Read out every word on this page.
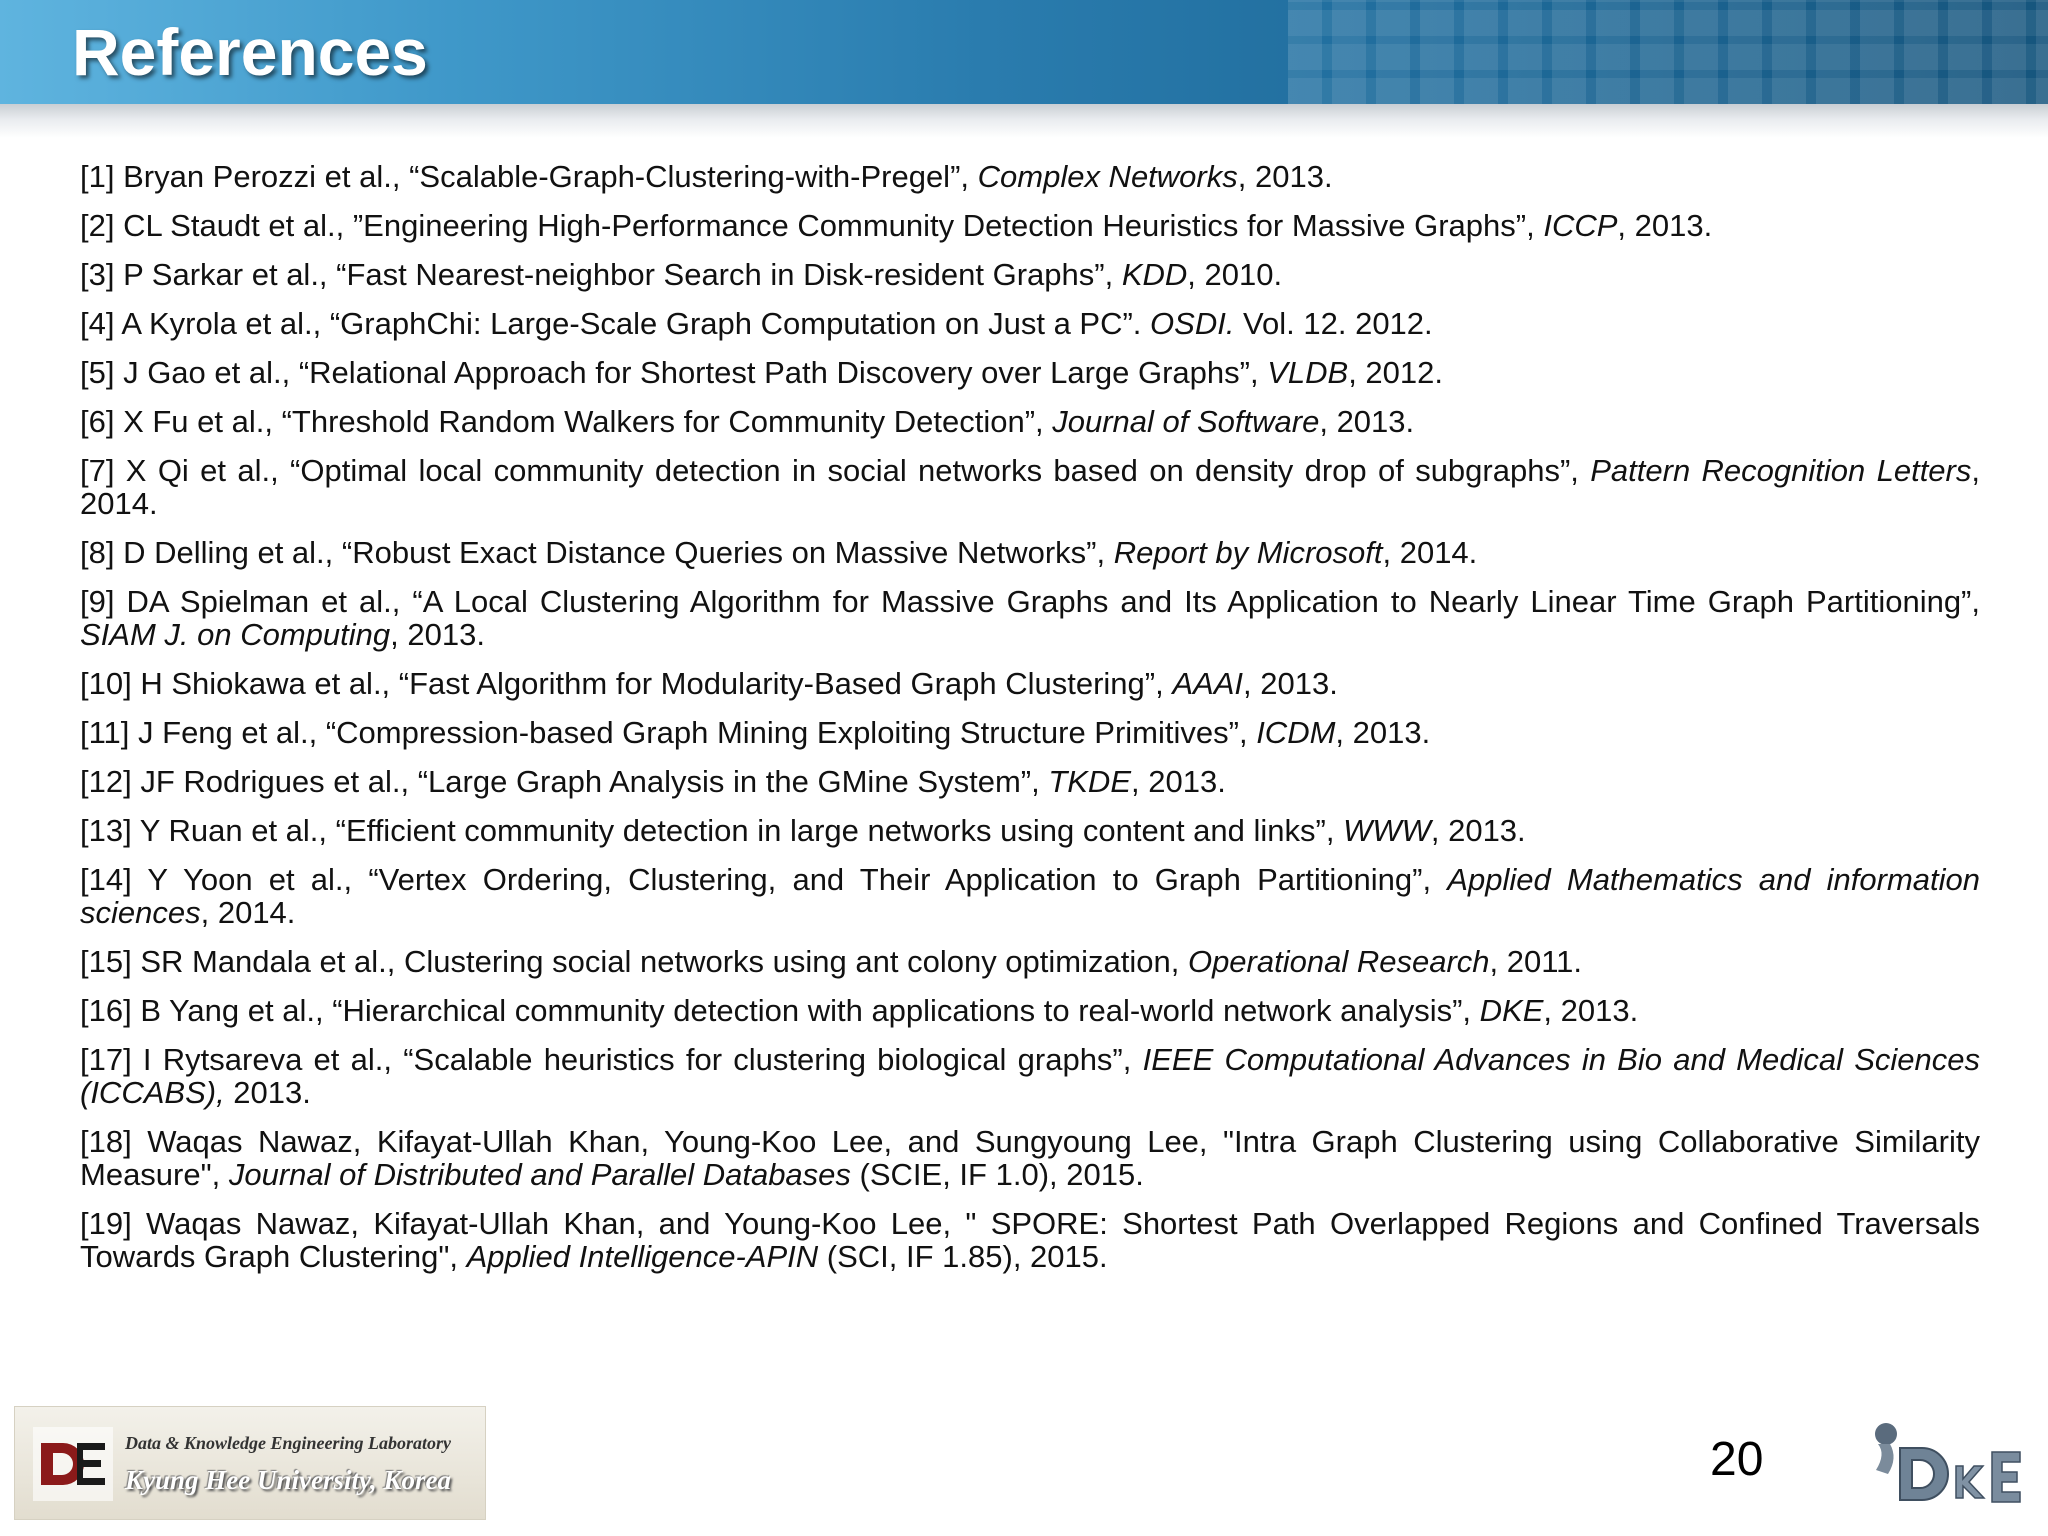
References
[1] Bryan Perozzi et al., “Scalable-Graph-Clustering-with-Pregel”, Complex Networks, 2013.
[2] CL Staudt et al., ”Engineering High-Performance Community Detection Heuristics for Massive Graphs”, ICCP, 2013.
[3] P Sarkar et al., “Fast Nearest-neighbor Search in Disk-resident Graphs”, KDD, 2010.
[4] A Kyrola et al., “GraphChi: Large-Scale Graph Computation on Just a PC”. OSDI. Vol. 12. 2012.
[5] J Gao et al., “Relational Approach for Shortest Path Discovery over Large Graphs”, VLDB, 2012.
[6] X Fu et al., “Threshold Random Walkers for Community Detection”, Journal of Software, 2013.
[7] X Qi et al., “Optimal local community detection in social networks based on density drop of subgraphs”, Pattern Recognition Letters, 2014.
[8] D Delling et al., “Robust Exact Distance Queries on Massive Networks”, Report by Microsoft, 2014.
[9] DA Spielman et al., “A Local Clustering Algorithm for Massive Graphs and Its Application to Nearly Linear Time Graph Partitioning”, SIAM J. on Computing, 2013.
[10] H Shiokawa et al., “Fast Algorithm for Modularity-Based Graph Clustering”, AAAI, 2013.
[11] J Feng et al., “Compression-based Graph Mining Exploiting Structure Primitives”, ICDM, 2013.
[12] JF Rodrigues et al., “Large Graph Analysis in the GMine System”, TKDE, 2013.
[13] Y Ruan et al., “Efficient community detection in large networks using content and links”, WWW, 2013.
[14] Y Yoon et al., “Vertex Ordering, Clustering, and Their Application to Graph Partitioning”, Applied Mathematics and information sciences, 2014.
[15] SR Mandala et al., Clustering social networks using ant colony optimization, Operational Research, 2011.
[16] B Yang et al., “Hierarchical community detection with applications to real-world network analysis”, DKE, 2013.
[17] I Rytsareva et al., “Scalable heuristics for clustering biological graphs”, IEEE Computational Advances in Bio and Medical Sciences (ICCABS), 2013.
[18] Waqas Nawaz, Kifayat-Ullah Khan, Young-Koo Lee, and Sungyoung Lee, "Intra Graph Clustering using Collaborative Similarity Measure", Journal of Distributed and Parallel Databases (SCIE, IF 1.0), 2015.
[19] Waqas Nawaz, Kifayat-Ullah Khan, and Young-Koo Lee, " SPORE: Shortest Path Overlapped Regions and Confined Traversals Towards Graph Clustering", Applied Intelligence-APIN (SCI, IF 1.85), 2015.
Data & Knowledge Engineering Laboratory
Kyung Hee University, Korea	20
